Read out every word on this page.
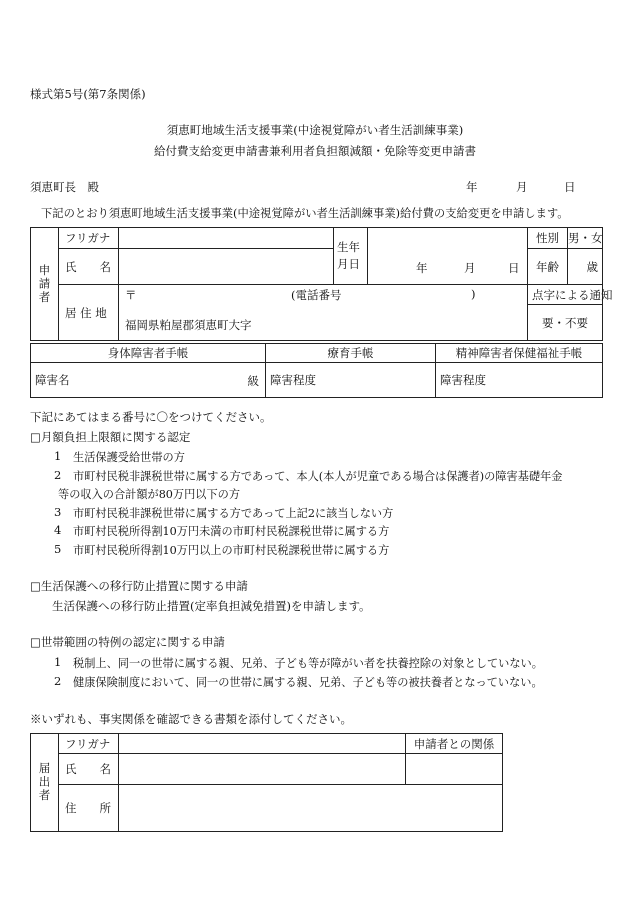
様式第5号(第7条関係)
須恵町地域生活支援事業(中途視覚障がい者生活訓練事業)
給付費支給変更申請書兼利用者負担額減額・免除等変更申請書
須恵町長　殿	年	月	日
下記のとおり須恵町地域生活支援事業(中途視覚障がい者生活訓練事業)給付費の支給変更を申請します。
申請者	フリガナ		生年月日	年 月 日	性別	男・女
	氏　　名				年齢	歳
	居 住 地	〒 (電話番号 )
福岡県粕屋郡須恵町大字			点字による通知	
					要・不要	
身体障害者手帳	療育手帳	精神障害者保健福祉手帳
障害名 級	障害程度	障害程度
下記にあてはまる番号に〇をつけてください。
□月額負担上限額に関する認定
1 生活保護受給世帯の方
2 市町村民税非課税世帯に属する方であって、本人(本人が児童である場合は保護者)の障害基礎年金
等の収入の合計額が80万円以下の方
3 市町村民税非課税世帯に属する方であって上記2に該当しない方
4 市町村民税所得割10万円未満の市町村民税課税世帯に属する方
5 市町村民税所得割10万円以上の市町村民税課税世帯に属する方
□生活保護への移行防止措置に関する申請
生活保護への移行防止措置(定率負担減免措置)を申請します。
□世帯範囲の特例の認定に関する申請
1 税制上、同一の世帯に属する親、兄弟、子ども等が障がい者を扶養控除の対象としていない。
2 健康保険制度において、同一の世帯に属する親、兄弟、子ども等の被扶養者となっていない。
※いずれも、事実関係を確認できる書類を添付してください。
届出者	フリガナ		申請者との関係
	氏　　名		
	住　　所		
